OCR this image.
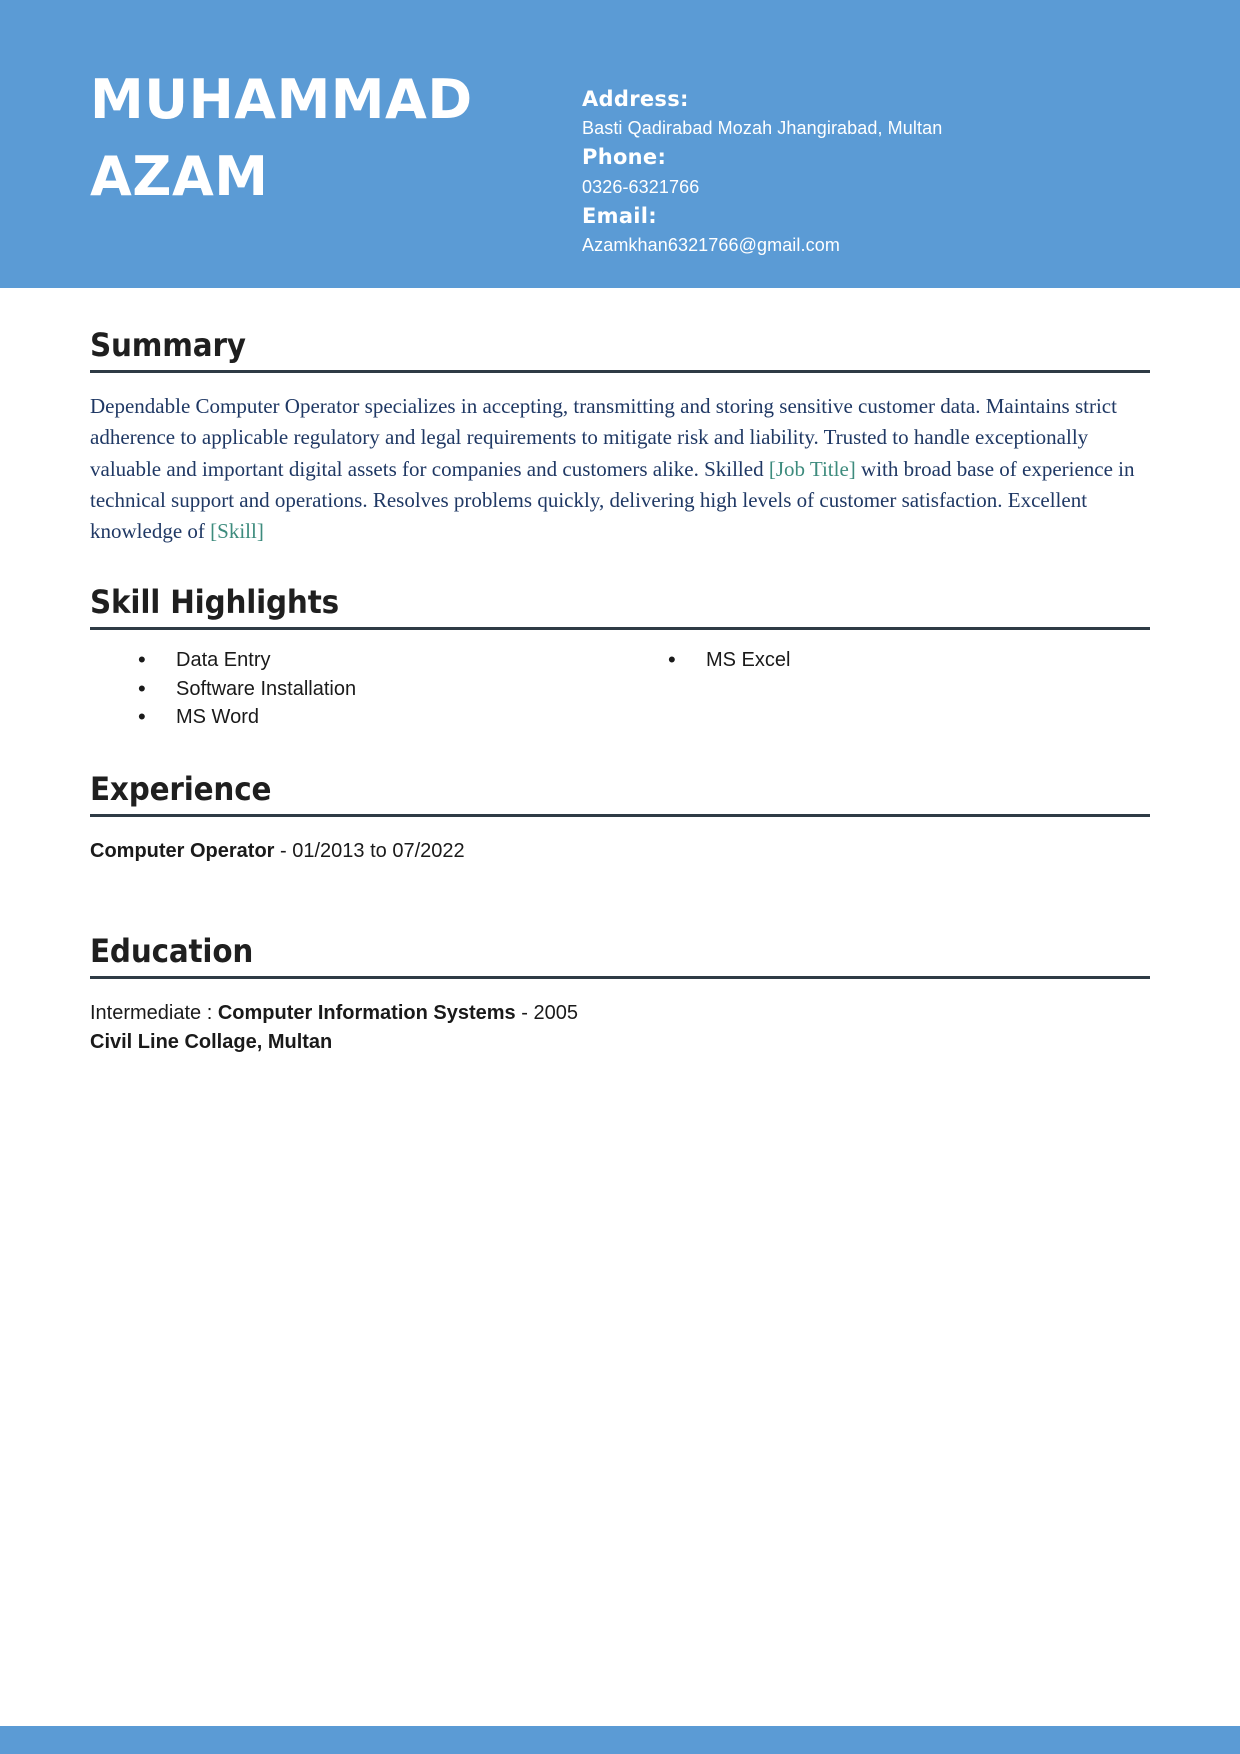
MUHAMMAD
AZAM
Address:
Basti Qadirabad Mozah Jhangirabad, Multan
Phone:
0326-6321766
Email:
Azamkhan6321766@gmail.com
Summary
Dependable Computer Operator specializes in accepting, transmitting and storing sensitive customer data. Maintains strict adherence to applicable regulatory and legal requirements to mitigate risk and liability. Trusted to handle exceptionally valuable and important digital assets for companies and customers alike. Skilled [Job Title] with broad base of experience in technical support and operations. Resolves problems quickly, delivering high levels of customer satisfaction. Excellent knowledge of [Skill]
Skill Highlights
• Data Entry
• Software Installation
• MS Word
• MS Excel
Experience
Computer Operator - 01/2013 to 07/2022
Education
Intermediate : Computer Information Systems - 2005
Civil Line Collage, Multan
